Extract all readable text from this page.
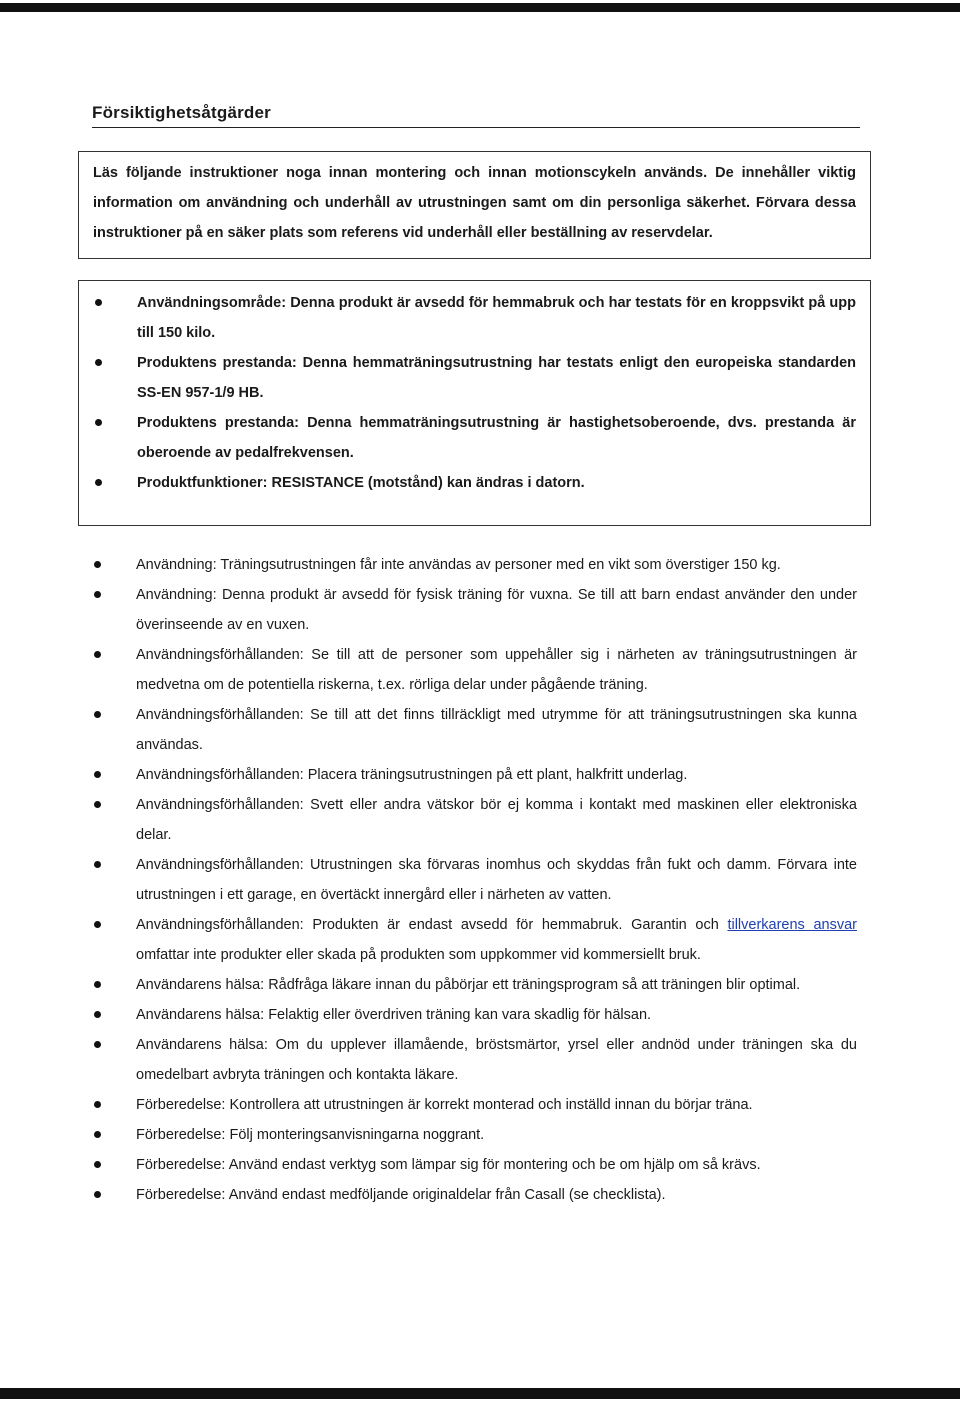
Försiktighetsåtgärder

Läs följande instruktioner noga innan montering och innan motionscykeln används. De innehåller viktig information om användning och underhåll av utrustningen samt om din personliga säkerhet. Förvara dessa instruktioner på en säker plats som referens vid underhåll eller beställning av reservdelar.

Användningsområde: Denna produkt är avsedd för hemmabruk och har testats för en kroppsvikt på upp till 150 kilo.
Produktens prestanda: Denna hemmaträningsutrustning har testats enligt den europeiska standarden SS-EN 957-1/9 HB.
Produktens prestanda: Denna hemmaträningsutrustning är hastighetsoberoende, dvs. prestanda är oberoende av pedalfrekvensen.
Produktfunktioner: RESISTANCE (motstånd) kan ändras i datorn.
Användning: Träningsutrustningen får inte användas av personer med en vikt som överstiger 150 kg.
Användning: Denna produkt är avsedd för fysisk träning för vuxna. Se till att barn endast använder den under överinseende av en vuxen.
Användningsförhållanden: Se till att de personer som uppehåller sig i närheten av träningsutrustningen är medvetna om de potentiella riskerna, t.ex. rörliga delar under pågående träning.
Användningsförhållanden: Se till att det finns tillräckligt med utrymme för att träningsutrustningen ska kunna användas.
Användningsförhållanden: Placera träningsutrustningen på ett plant, halkfritt underlag.
Användningsförhållanden: Svett eller andra vätskor bör ej komma i kontakt med maskinen eller elektroniska delar.
Användningsförhållanden: Utrustningen ska förvaras inomhus och skyddas från fukt och damm. Förvara inte utrustningen i ett garage, en övertäckt innergård eller i närheten av vatten.
Användningsförhållanden: Produkten är endast avsedd för hemmabruk. Garantin och tillverkarens ansvar omfattar inte produkter eller skada på produkten som uppkommer vid kommersiellt bruk.
Användarens hälsa: Rådfråga läkare innan du påbörjar ett träningsprogram så att träningen blir optimal.
Användarens hälsa: Felaktig eller överdriven träning kan vara skadlig för hälsan.
Användarens hälsa: Om du upplever illamående, bröstsmärtor, yrsel eller andnöd under träningen ska du omedelbart avbryta träningen och kontakta läkare.
Förberedelse: Kontrollera att utrustningen är korrekt monterad och inställd innan du börjar träna.
Förberedelse: Följ monteringsanvisningarna noggrant.
Förberedelse: Använd endast verktyg som lämpar sig för montering och be om hjälp om så krävs.
Förberedelse: Använd endast medföljande originaldelar från Casall (se checklista).
